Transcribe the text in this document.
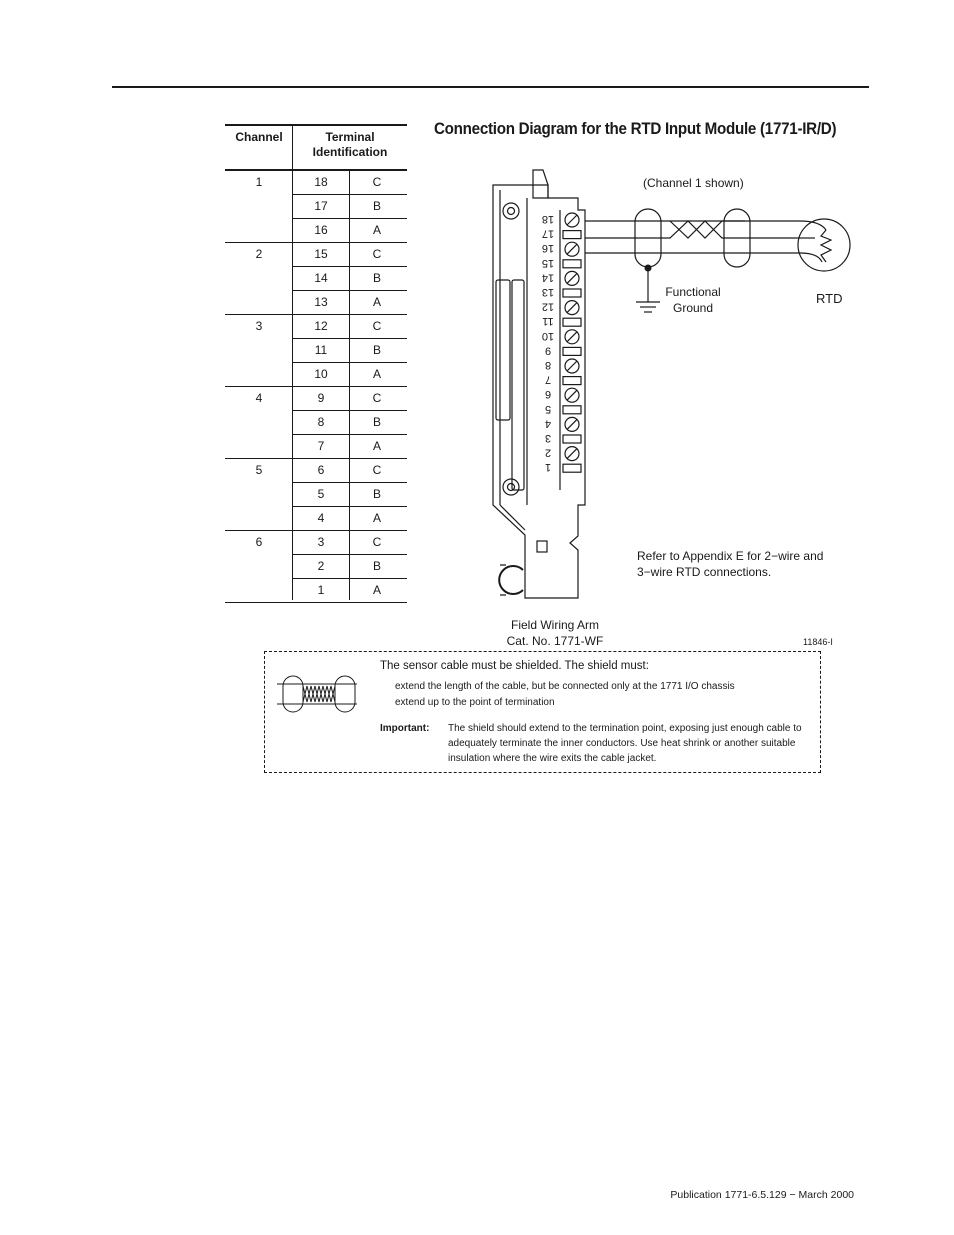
Channel	Terminal
Identification
1	18	C
17	B
16	A
2	15	C
14	B
13	A
3	12	C
11	B
10	A
4	9	C
8	B
7	A
5	6	C
5	B
4	A
6	3	C
2	B
1	A
Connection Diagram for the RTD Input Module (1771-IR/D)
18
17
16
15
14
13
12
11
10
9
8
7
6
5
4
3
2
1
(Channel 1 shown)
Functional
Ground
RTD
Refer to Appendix E for 2−wire and
3−wire RTD connections.
Field Wiring Arm
Cat. No. 1771-WF	11846-I
The sensor cable must be shielded. The shield must:
extend the length of the cable, but be connected only at the 1771 I/O chassis
extend up to the point of termination
Important: The shield should extend to the termination point, exposing just enough cable to
adequately terminate the inner conductors. Use heat shrink or another suitable
insulation where the wire exits the cable jacket.
Publication 1771-6.5.129 − March 2000
